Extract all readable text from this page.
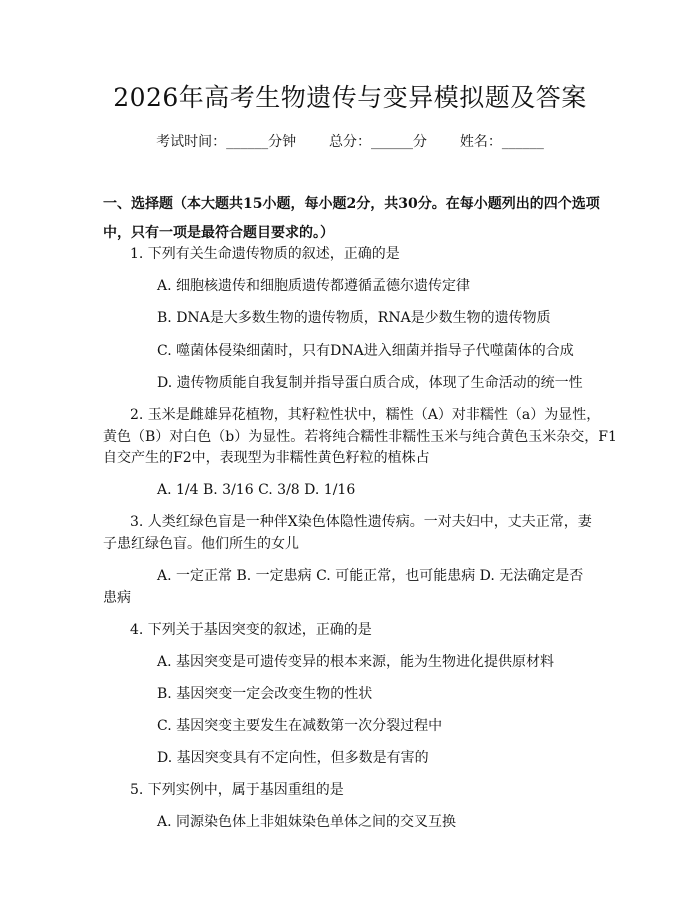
2026年高考生物遗传与变异模拟题及答案
考试时间：______分钟 总分：______分 姓名：______
一、选择题（本大题共15小题，每小题2分，共30分。在每小题列出的四个选项中，只有一项是最符合题目要求的。）
1. 下列有关生命遗传物质的叙述，正确的是
A. 细胞核遗传和细胞质遗传都遵循孟德尔遗传定律
B. DNA是大多数生物的遗传物质，RNA是少数生物的遗传物质
C. 噬菌体侵染细菌时，只有DNA进入细菌并指导子代噬菌体的合成
D. 遗传物质能自我复制并指导蛋白质合成，体现了生命活动的统一性
2. 玉米是雌雄异花植物，其籽粒性状中，糯性（A）对非糯性（a）为显性，
黄色（B）对白色（b）为显性。若将纯合糯性非糯性玉米与纯合黄色玉米杂交，F1
自交产生的F2中，表现型为非糯性黄色籽粒的植株占
A. 1/4 B. 3/16 C. 3/8 D. 1/16
3. 人类红绿色盲是一种伴X染色体隐性遗传病。一对夫妇中，丈夫正常，妻
子患红绿色盲。他们所生的女儿
A. 一定正常 B. 一定患病 C. 可能正常，也可能患病 D. 无法确定是否
患病
4. 下列关于基因突变的叙述，正确的是
A. 基因突变是可遗传变异的根本来源，能为生物进化提供原材料
B. 基因突变一定会改变生物的性状
C. 基因突变主要发生在减数第一次分裂过程中
D. 基因突变具有不定向性，但多数是有害的
5. 下列实例中，属于基因重组的是
A. 同源染色体上非姐妹染色单体之间的交叉互换
